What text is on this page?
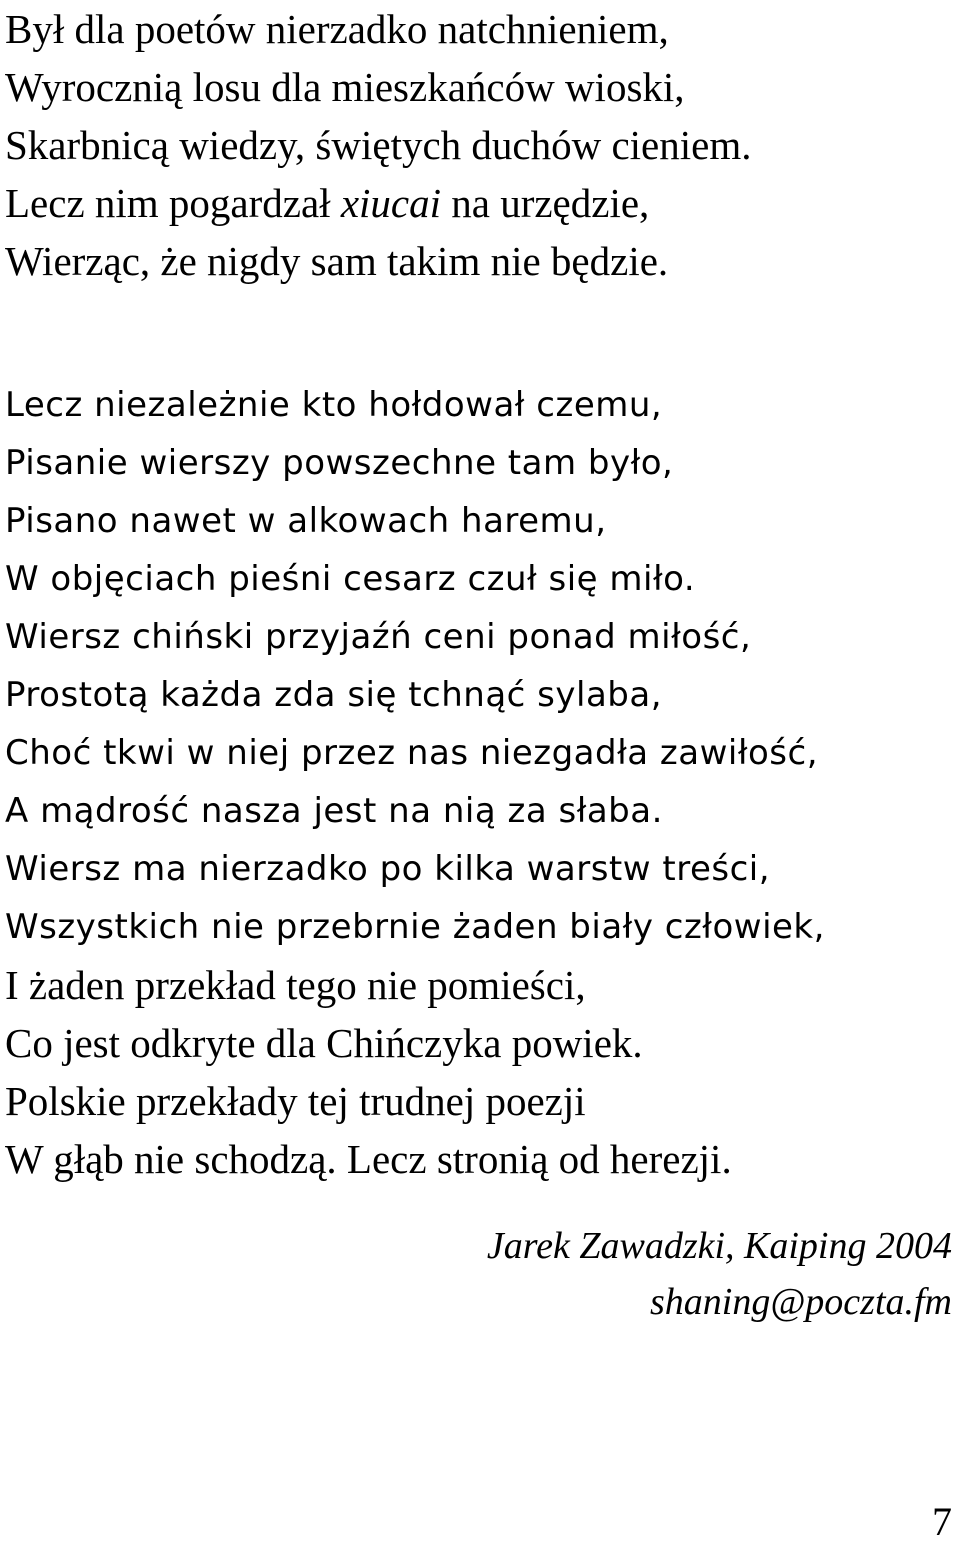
Był dla poetów nierzadko natchnieniem,
Wyrocznią losu dla mieszkańców wioski,
Skarbnicą wiedzy, świętych duchów cieniem.
Lecz nim pogardzał xiucai na urzędzie,
Wierząc, że nigdy sam takim nie będzie.
Lecz niezależnie kto hołdował czemu,
Pisanie wierszy powszechne tam było,
Pisano nawet w alkowach haremu,
W objęciach pieśni cesarz czuł się miło.
Wiersz chiński przyjaźń ceni ponad miłość,
Prostotą każda zda się tchnąć sylaba,
Choć tkwi w niej przez nas niezgadła zawiłość,
A mądrość nasza jest na nią za słaba.
Wiersz ma nierzadko po kilka warstw treści,
Wszystkich nie przebrnie żaden biały człowiek,
I żaden przekład tego nie pomieści,
Co jest odkryte dla Chińczyka powiek.
Polskie przekłady tej trudnej poezji
W głąb nie schodzą. Lecz stronią od herezji.
Jarek Zawadzki, Kaiping 2004
shaning@poczta.fm
7
